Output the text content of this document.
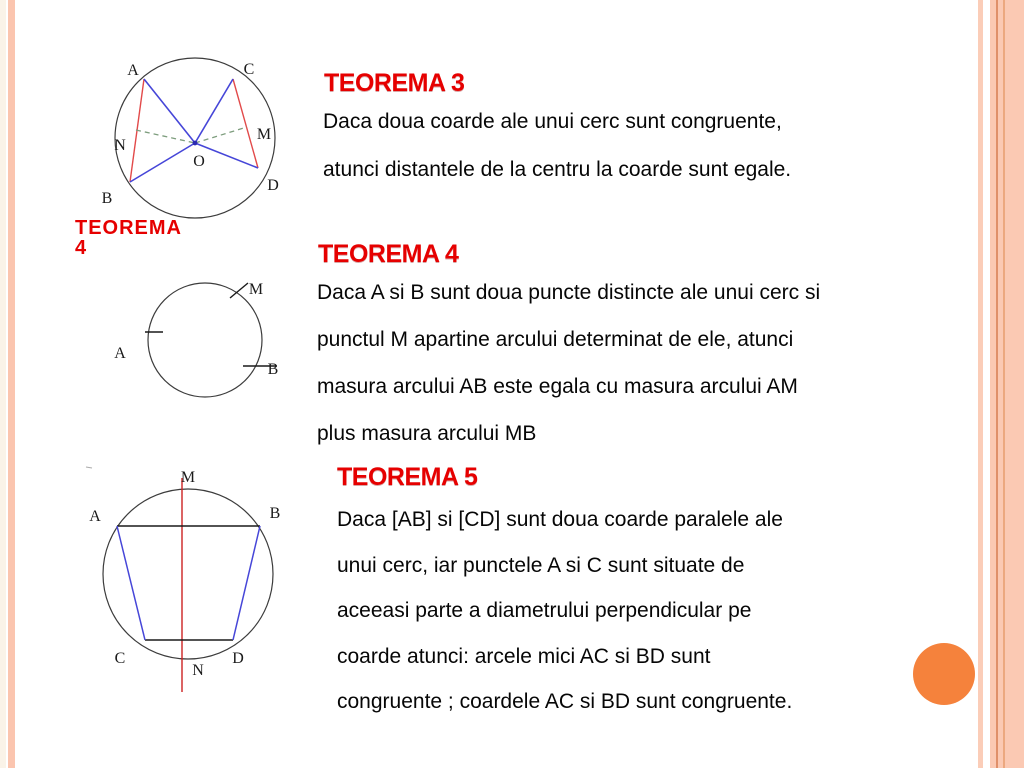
A	C
N
M
O
B
D
TEOREMA 4
A
M
B
M
A	B
C	D
N
TEOREMA 3
Daca doua coarde ale unui cerc sunt congruente,
atunci distantele de la centru la coarde sunt egale.
TEOREMA 4
Daca A si B sunt doua puncte distincte ale unui cerc si
punctul M apartine arcului determinat de ele, atunci
masura arcului AB este egala cu masura arcului AM
plus masura arcului MB
TEOREMA 5
Daca [AB] si [CD] sunt doua coarde paralele ale
unui cerc, iar punctele A si C sunt situate de
aceeasi parte a diametrului perpendicular pe
coarde atunci: arcele mici AC si BD sunt
congruente ; coardele AC si BD sunt congruente.
